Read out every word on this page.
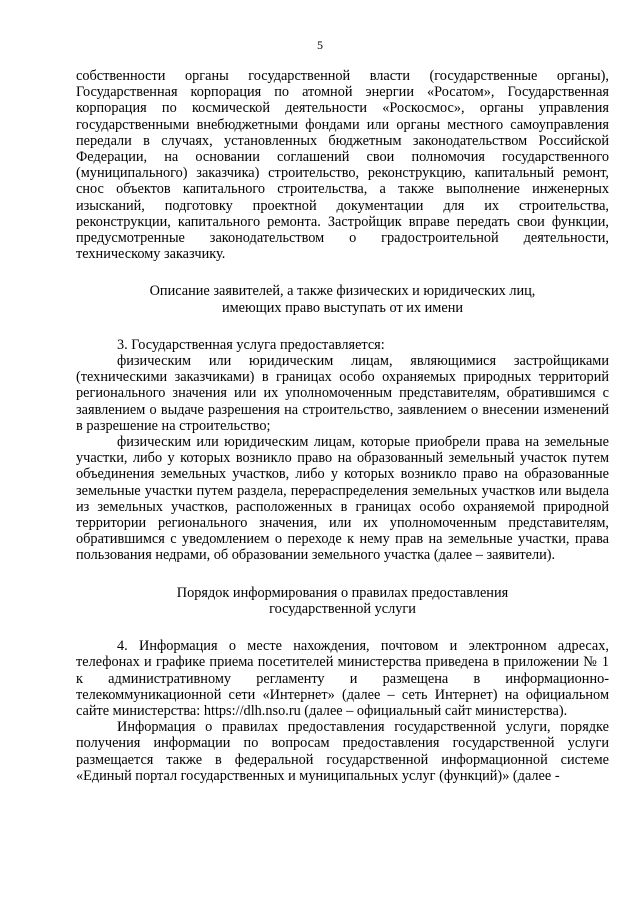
5

собственности органы государственной власти (государственные органы), Государственная корпорация по атомной энергии «Росатом», Государственная корпорация по космической деятельности «Роскосмос», органы управления государственными внебюджетными фондами или органы местного самоуправления передали в случаях, установленных бюджетным законодательством Российской Федерации, на основании соглашений свои полномочия государственного (муниципального) заказчика) строительство, реконструкцию, капитальный ремонт, снос объектов капитального строительства, а также выполнение инженерных изысканий, подготовку проектной документации для их строительства, реконструкции, капитального ремонта. Застройщик вправе передать свои функции, предусмотренные законодательством о градостроительной деятельности, техническому заказчику.

Описание заявителей, а также физических и юридических лиц,
имеющих право выступать от их имени

3. Государственная услуга предоставляется:

физическим или юридическим лицам, являющимися застройщиками (техническими заказчиками) в границах особо охраняемых природных территорий регионального значения или их уполномоченным представителям, обратившимся с заявлением о выдаче разрешения на строительство, заявлением о внесении изменений в разрешение на строительство;

физическим или юридическим лицам, которые приобрели права на земельные участки, либо у которых возникло право на образованный земельный участок путем объединения земельных участков, либо у которых возникло право на образованные земельные участки путем раздела, перераспределения земельных участков или выдела из земельных участков, расположенных в границах особо охраняемой природной территории регионального значения, или их уполномоченным представителям, обратившимся с уведомлением о переходе к нему прав на земельные участки, права пользования недрами, об образовании земельного участка (далее – заявители).

Порядок информирования о правилах предоставления
государственной услуги

4. Информация о месте нахождения, почтовом и электронном адресах, телефонах и графике приема посетителей министерства приведена в приложении № 1 к административному регламенту и размещена в информационно-телекоммуникационной сети «Интернет» (далее – сеть Интернет) на официальном сайте министерства: https://dlh.nso.ru (далее – официальный сайт министерства).

Информация о правилах предоставления государственной услуги, порядке получения информации по вопросам предоставления государственной услуги размещается также в федеральной государственной информационной системе «Единый портал государственных и муниципальных услуг (функций)» (далее -
